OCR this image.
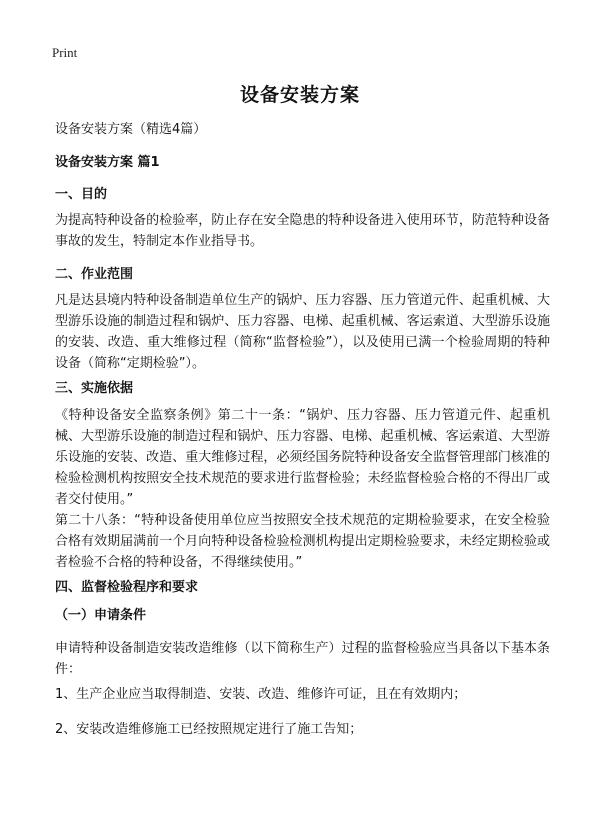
Print
设备安装方案

设备安装方案（精选4篇）

设备安装方案 篇1

一、目的

为提高特种设备的检验率，防止存在安全隐患的特种设备进入使用环节，防范特种设备事故的发生，特制定本作业指导书。

二、作业范围

凡是达县境内特种设备制造单位生产的锅炉、压力容器、压力管道元件、起重机械、大型游乐设施的制造过程和锅炉、压力容器、电梯、起重机械、客运索道、大型游乐设施的安装、改造、重大维修过程（简称“监督检验”），以及使用已满一个检验周期的特种设备（简称“定期检验”）。

三、实施依据

《特种设备安全监察条例》第二十一条：“锅炉、压力容器、压力管道元件、起重机械、大型游乐设施的制造过程和锅炉、压力容器、电梯、起重机械、客运索道、大型游乐设施的安装、改造、重大维修过程，必须经国务院特种设备安全监督管理部门核准的检验检测机构按照安全技术规范的要求进行监督检验；未经监督检验合格的不得出厂或者交付使用。”

第二十八条：“特种设备使用单位应当按照安全技术规范的定期检验要求，在安全检验合格有效期届满前一个月向特种设备检验检测机构提出定期检验要求，未经定期检验或者检验不合格的特种设备，不得继续使用。”

四、监督检验程序和要求

（一）申请条件

申请特种设备制造安装改造维修（以下简称生产）过程的监督检验应当具备以下基本条件：

1、生产企业应当取得制造、安装、改造、维修许可证，且在有效期内；

2、安装改造维修施工已经按照规定进行了施工告知；
